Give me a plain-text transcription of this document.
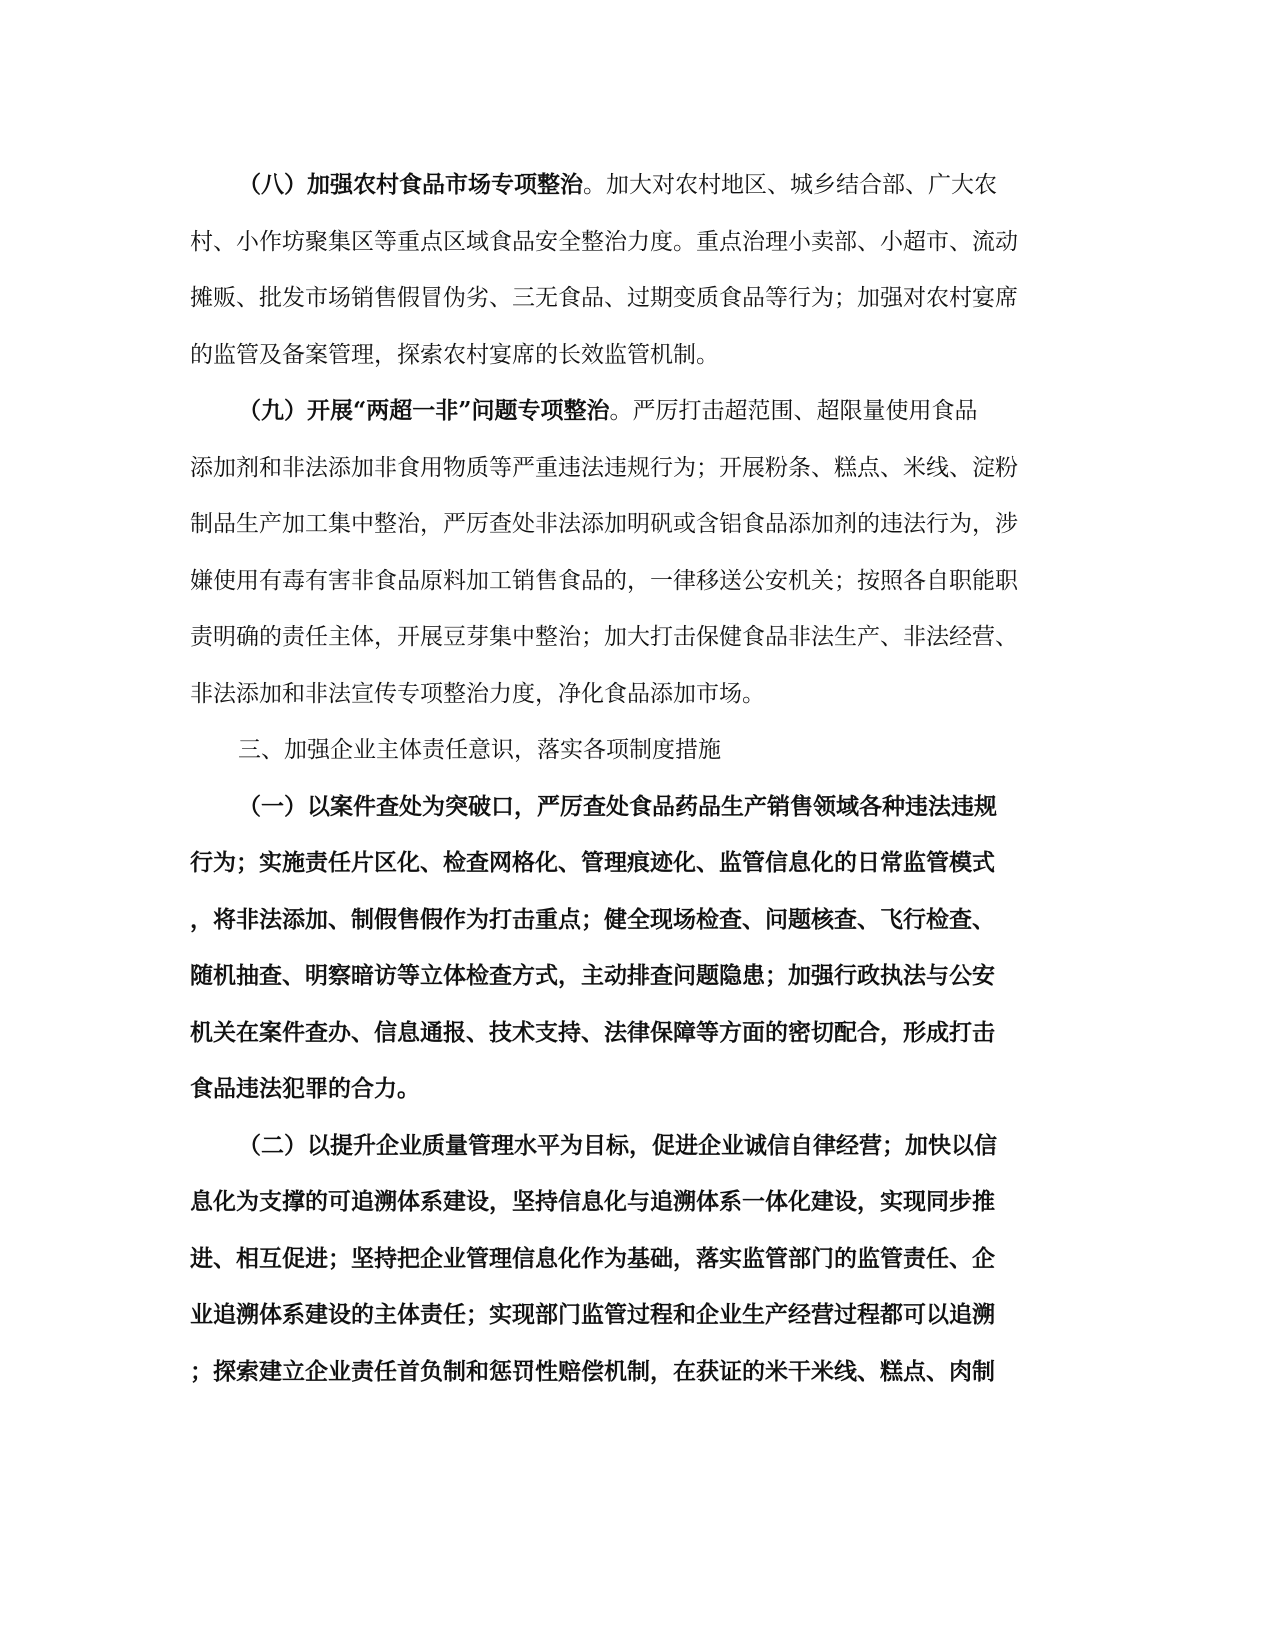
（八）加强农村食品市场专项整治。加大对农村地区、城乡结合部、广大农
村、小作坊聚集区等重点区域食品安全整治力度。重点治理小卖部、小超市、流动
摊贩、批发市场销售假冒伪劣、三无食品、过期变质食品等行为；加强对农村宴席
的监管及备案管理，探索农村宴席的长效监管机制。
（九）开展“两超一非”问题专项整治。严厉打击超范围、超限量使用食品
添加剂和非法添加非食用物质等严重违法违规行为；开展粉条、糕点、米线、淀粉
制品生产加工集中整治，严厉查处非法添加明矾或含铝食品添加剂的违法行为，涉
嫌使用有毒有害非食品原料加工销售食品的，一律移送公安机关；按照各自职能职
责明确的责任主体，开展豆芽集中整治；加大打击保健食品非法生产、非法经营、
非法添加和非法宣传专项整治力度，净化食品添加市场。
三、加强企业主体责任意识，落实各项制度措施
（一）以案件查处为突破口，严厉查处食品药品生产销售领域各种违法违规
行为；实施责任片区化、检查网格化、管理痕迹化、监管信息化的日常监管模式
，将非法添加、制假售假作为打击重点；健全现场检查、问题核查、飞行检查、
随机抽查、明察暗访等立体检查方式，主动排查问题隐患；加强行政执法与公安
机关在案件查办、信息通报、技术支持、法律保障等方面的密切配合，形成打击
食品违法犯罪的合力。
（二）以提升企业质量管理水平为目标，促进企业诚信自律经营；加快以信
息化为支撑的可追溯体系建设，坚持信息化与追溯体系一体化建设，实现同步推
进、相互促进；坚持把企业管理信息化作为基础，落实监管部门的监管责任、企
业追溯体系建设的主体责任；实现部门监管过程和企业生产经营过程都可以追溯
；探索建立企业责任首负制和惩罚性赔偿机制，在获证的米干米线、糕点、肉制
